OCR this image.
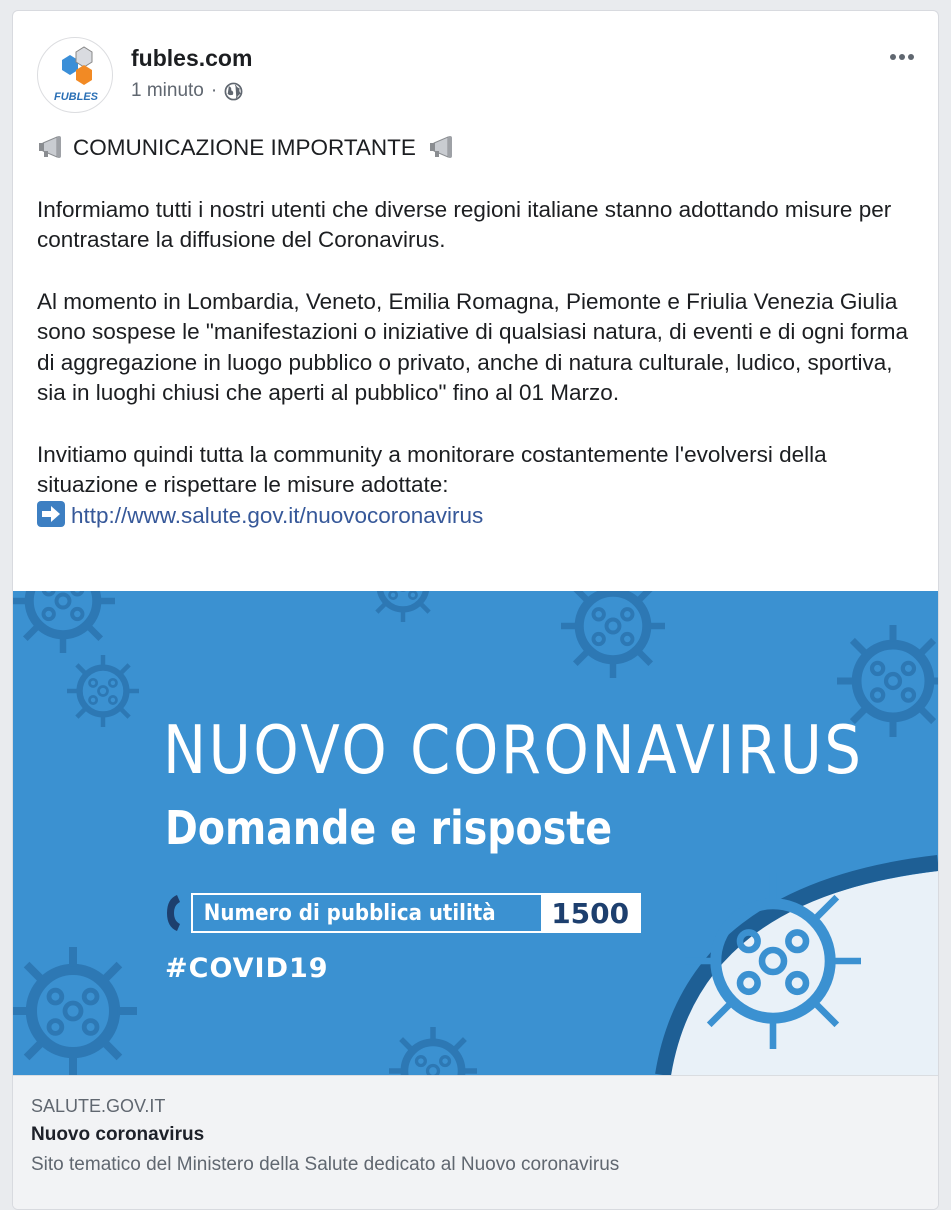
FUBLES
fubles.com
1 minuto ·

COMUNICAZIONE IMPORTANTE

Informiamo tutti i nostri utenti che diverse regioni italiane stanno adottando misure per contrastare la diffusione del Coronavirus.

Al momento in Lombardia, Veneto, Emilia Romagna, Piemonte e Friulia Venezia Giulia sono sospese le "manifestazioni o iniziative di qualsiasi natura, di eventi e di ogni forma di aggregazione in luogo pubblico o privato, anche di natura culturale, ludico, sportiva, sia in luoghi chiusi che aperti al pubblico" fino al 01 Marzo.

Invitiamo quindi tutta la community a monitorare costantemente l'evolversi della situazione e rispettare le misure adottate:

http://www.salute.gov.it/nuovocoronavirus

NUOVO CORONAVIRUS
Domande e risposte
Numero di pubblica utilità	1500
#COVID19
SALUTE.GOV.IT
Nuovo coronavirus
Sito tematico del Ministero della Salute dedicato al Nuovo coronavirus
